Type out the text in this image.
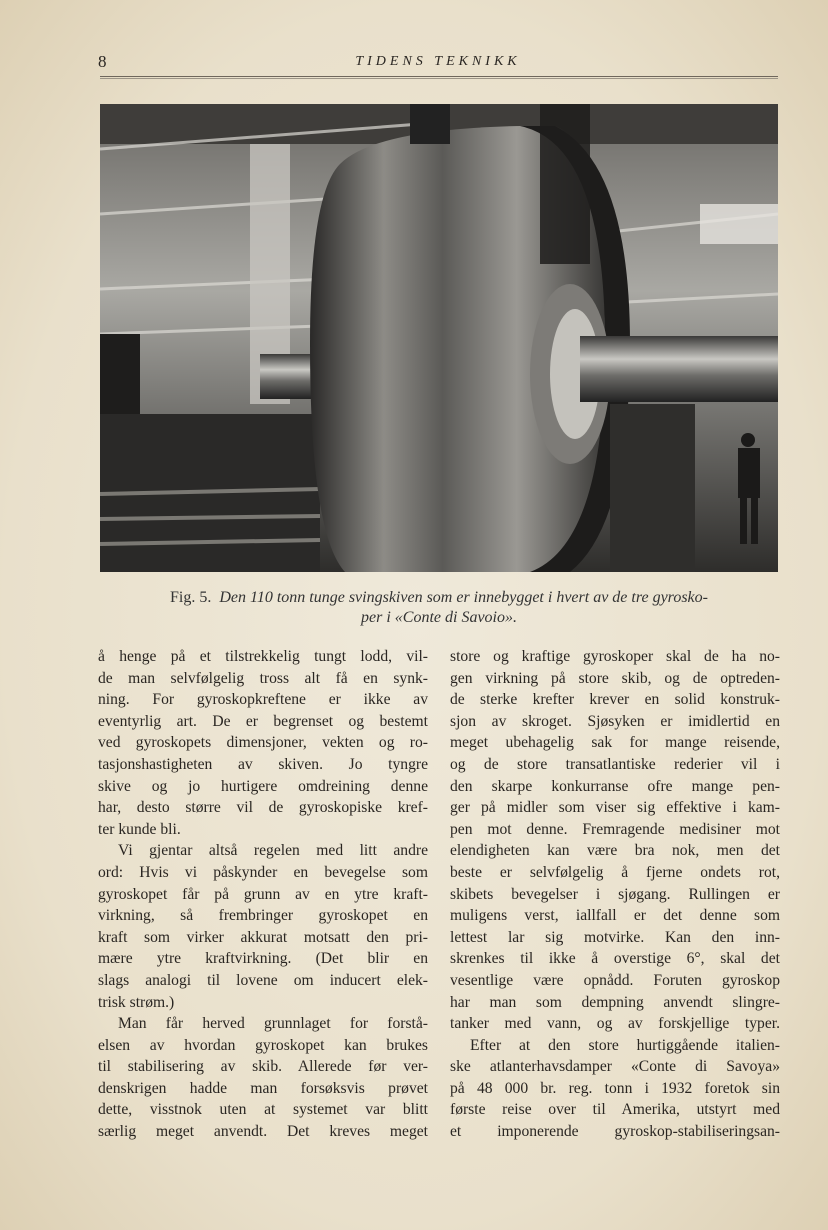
8	TIDENS TEKNIKK
Fig. 5. Den 110 tonn tunge svingskiven som er innebygget i hvert av de tre gyrosko-
per i «Conte di Savoio».
å henge på et tilstrekkelig tungt lodd, vil-
de man selvfølgelig tross alt få en synk-
ning. For gyroskopkreftene er ikke av
eventyrlig art. De er begrenset og bestemt
ved gyroskopets dimensjoner, vekten og ro-
tasjonshastigheten av skiven. Jo tyngre
skive og jo hurtigere omdreining denne
har, desto større vil de gyroskopiske kref-
ter kunde bli.
Vi gjentar altså regelen med litt andre
ord: Hvis vi påskynder en bevegelse som
gyroskopet får på grunn av en ytre kraft-
virkning, så frembringer gyroskopet en
kraft som virker akkurat motsatt den pri-
mære ytre kraftvirkning. (Det blir en
slags analogi til lovene om inducert elek-
trisk strøm.)
Man får herved grunnlaget for forstå-
elsen av hvordan gyroskopet kan brukes
til stabilisering av skib. Allerede før ver-
denskrigen hadde man forsøksvis prøvet
dette, visstnok uten at systemet var blitt
særlig meget anvendt. Det kreves meget
store og kraftige gyroskoper skal de ha no-
gen virkning på store skib, og de optreden-
de sterke krefter krever en solid konstruk-
sjon av skroget. Sjøsyken er imidlertid en
meget ubehagelig sak for mange reisende,
og de store transatlantiske rederier vil i
den skarpe konkurranse ofre mange pen-
ger på midler som viser sig effektive i kam-
pen mot denne. Fremragende medisiner mot
elendigheten kan være bra nok, men det
beste er selvfølgelig å fjerne ondets rot,
skibets bevegelser i sjøgang. Rullingen er
muligens verst, iallfall er det denne som
lettest lar sig motvirke. Kan den inn-
skrenkes til ikke å overstige 6°, skal det
vesentlige være opnådd. Foruten gyroskop
har man som dempning anvendt slingre-
tanker med vann, og av forskjellige typer.
Efter at den store hurtiggående italien-
ske atlanterhavsdamper «Conte di Savoya»
på 48 000 br. reg. tonn i 1932 foretok sin
første reise over til Amerika, utstyrt med
et imponerende gyroskop-stabiliseringsan-
